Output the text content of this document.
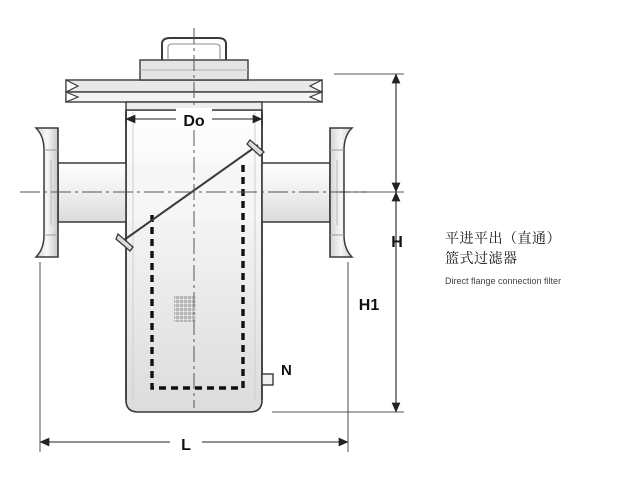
Do
H
H1
L
N
平进平出（直通）
篮式过滤器
Direct flange connection filter
